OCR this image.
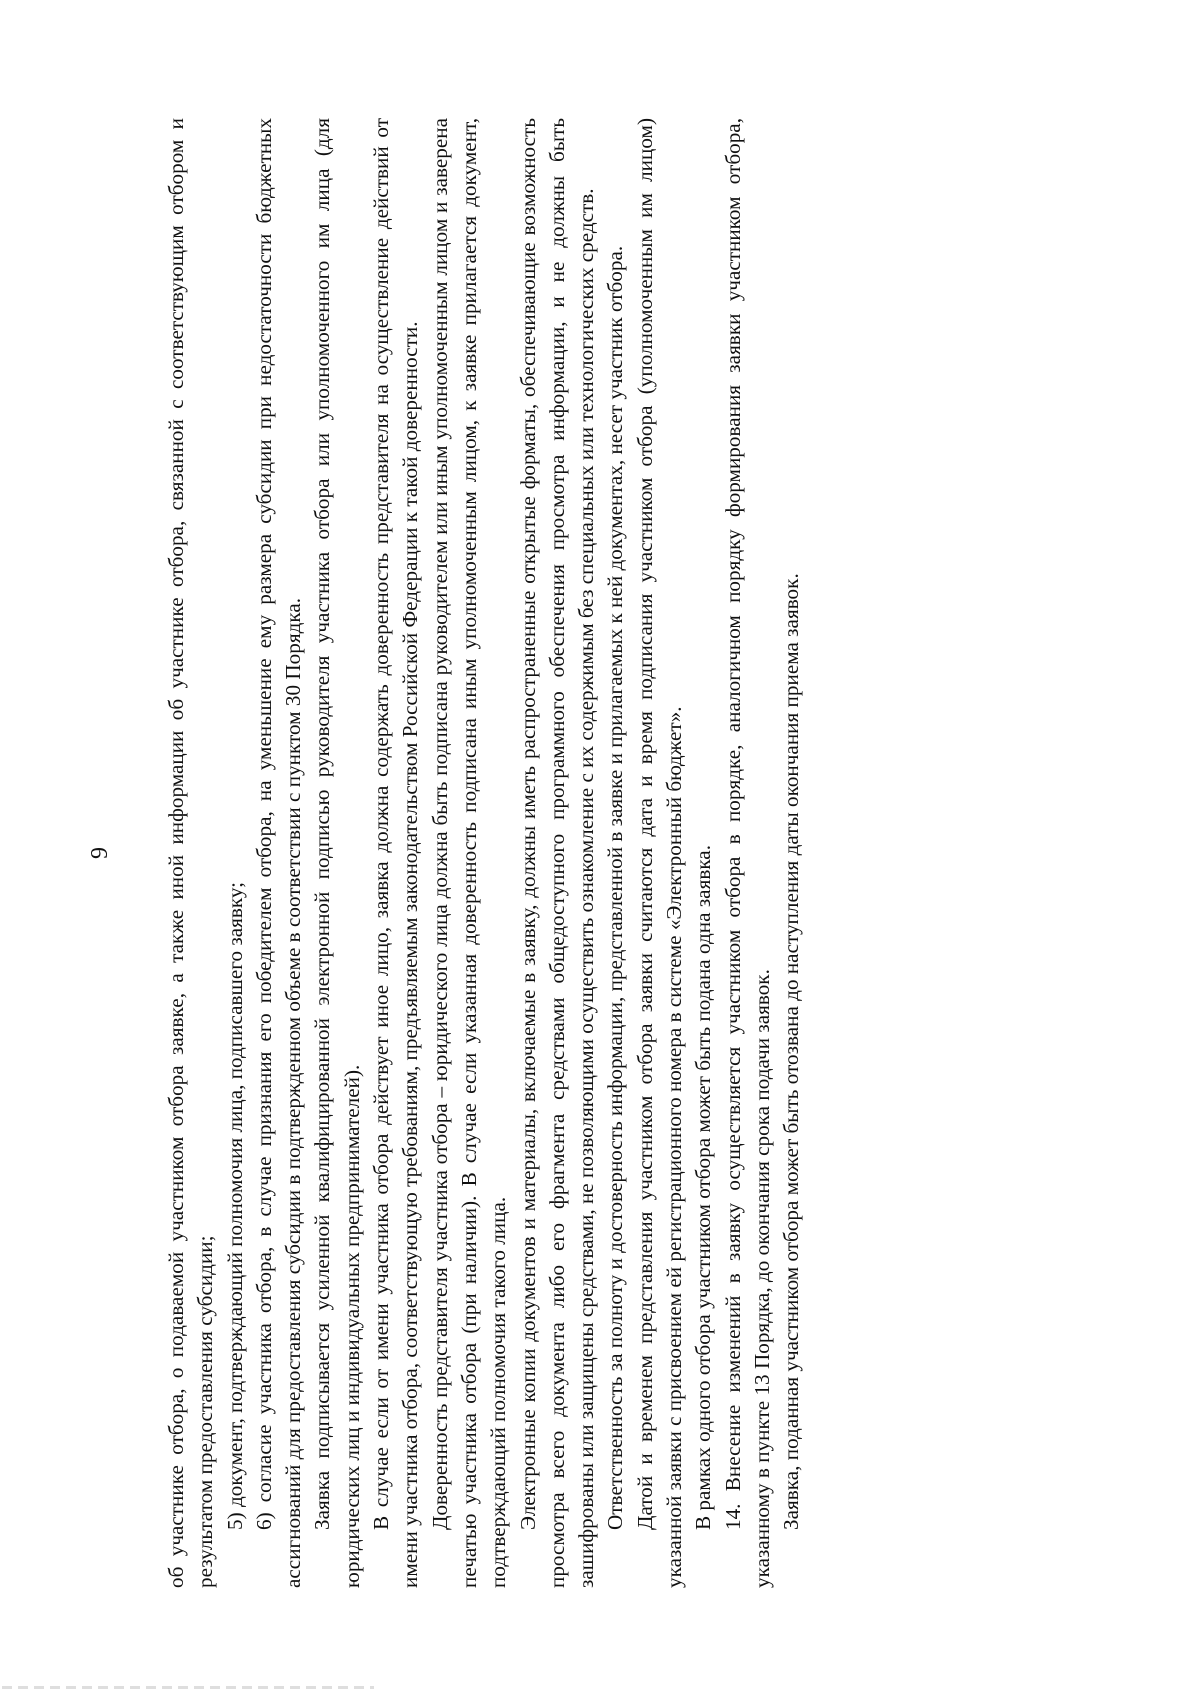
9 об участнике отбора, о подаваемой участником отбора заявке, а также иной информации об участнике отбора, связанной с соответствующим отбором и результатом предоставления субсидии; 5) документ, подтверждающий полномочия лица, подписавшего заявку; 6) согласие участника отбора, в случае признания его победителем отбора, на уменьшение ему размера субсидии при недостаточности бюджетных ассигнований для предоставления субсидии в подтвержденном объеме в соответствии с пунктом 30 Порядка. Заявка подписывается усиленной квалифицированной электронной подписью руководителя участника отбора или уполномоченного им лица (для юридических лиц и индивидуальных предпринимателей). В случае если от имени участника отбора действует иное лицо, заявка должна содержать доверенность представителя на осуществление действий от имени участника отбора, соответствующую требованиям, предъявляемым законодательством Российской Федерации к такой доверенности. Доверенность представителя участника отбора – юридического лица должна быть подписана руководителем или иным уполномоченным лицом и заверена печатью участника отбора (при наличии). В случае если указанная доверенность подписана иным уполномоченным лицом, к заявке прилагается документ, подтверждающий полномочия такого лица. Электронные копии документов и материалы, включаемые в заявку, должны иметь распространенные открытые форматы, обеспечивающие возможность просмотра всего документа либо его фрагмента средствами общедоступного программного обеспечения просмотра информации, и не должны быть зашифрованы или защищены средствами, не позволяющими осуществить ознакомление с их содержимым без специальных или технологических средств. Ответственность за полноту и достоверность информации, представленной в заявке и прилагаемых к ней документах, несет участник отбора. Датой и временем представления участником отбора заявки считаются дата и время подписания участником отбора (уполномоченным им лицом) указанной заявки с присвоением ей регистрационного номера в системе «Электронный бюджет». В рамках одного отбора участником отбора может быть подана одна заявка. 14. Внесение изменений в заявку осуществляется участником отбора в порядке, аналогичном порядку формирования заявки участником отбора, указанному в пункте 13 Порядка, до окончания срока подачи заявок. Заявка, поданная участником отбора может быть отозвана до наступления даты окончания приема заявок.
